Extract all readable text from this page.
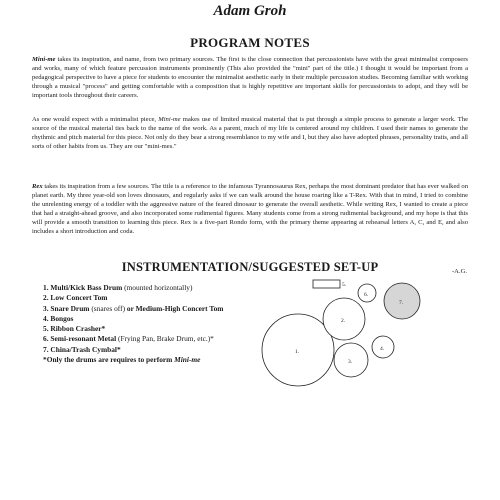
Adam Groh
PROGRAM NOTES

Mini-me takes its inspiration, and name, from two primary sources. The first is the close connection that percussionists have with the great minimalist composers and works, many of which feature percussion instruments prominently (This also provided the "mini" part of the title.) I thought it would be important from a pedagogical perspective to have a piece for students to encounter the minimalist aesthetic early in their multiple percussion studies. Becoming familiar with working through a musical "process" and getting comfortable with a composition that is highly repetitive are important skills for percussionists to adopt, and they will be important tools throughout their careers.

As one would expect with a minimalist piece, Mini-me makes use of limited musical material that is put through a simple process to generate a larger work. The source of the musical material ties back to the name of the work. As a parent, much of my life is centered around my children. I used their names to generate the rhythmic and pitch material for this piece. Not only do they bear a strong resemblance to my wife and I, but they also have adopted phrases, personality traits, and all sorts of other habits from us. They are our "mini-mes."

Rex takes its inspiration from a few sources. The title is a reference to the infamous Tyrannosaurus Rex, perhaps the most dominant predator that has ever walked on planet earth. My three year-old son loves dinosaurs, and regularly asks if we can walk around the house roaring like a T-Rex. With that in mind, I tried to combine the unrelenting energy of a toddler with the aggressive nature of the feared dinosaur to generate the overall aesthetic. While writing Rex, I wanted to create a piece that had a straight-ahead groove, and also incorporated some rudimental figures. Many students come from a strong rudimental background, and my hope is that this will provide a smooth transition to learning this piece. Rex is a five-part Rondo form, with the primary theme appearing at rehearsal letters A, C, and E, and also includes a short introduction and coda.

-A.G.
INSTRUMENTATION/SUGGESTED SET-UP
1. Multi/Kick Bass Drum (mounted horizontally)
2. Low Concert Tom
3. Snare Drum (snares off) or Medium-High Concert Tom
4. Bongos
5. Ribbon Crasher*
6. Semi-resonant Metal (Frying Pan, Brake Drum, etc.)*
7. China/Trash Cymbal*
*Only the drums are requires to perform Mini-me
1.
2.
3.
4.
5.
6.
7.
